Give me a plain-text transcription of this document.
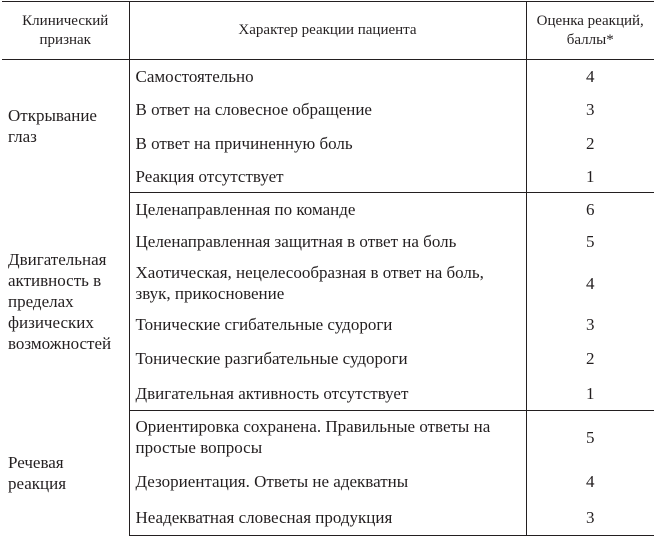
Клинический признак	Характер реакции пациента	Оценка реакций, баллы*
Открывание глаз	Самостоятельно	4
	В ответ на словесное обращение	3
	В ответ на причиненную боль	2
	Реакция отсутствует	1
Двигательная активность в пределах физических возможностей	Целенаправленная по команде	6
	Целенаправленная защитная в ответ на боль	5
	Хаотическая, нецелесообразная в ответ на боль, звук, прикосновение	4
	Тонические сгибательные судороги	3
	Тонические разгибательные судороги	2
	Двигательная активность отсутствует	1
Речевая реакция	Ориентировка сохранена. Правильные ответы на простые вопросы	5
	Дезориентация. Ответы не адекватны	4
	Неадекватная словесная продукция	3
